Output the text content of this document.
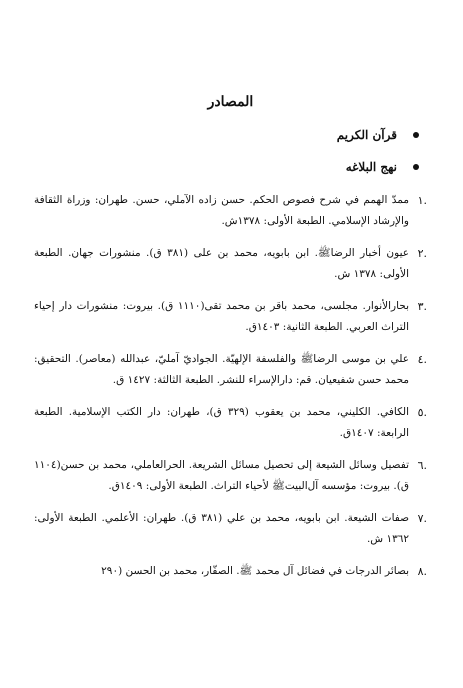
المصادر
قرآن الکريم
نهج البلاغه
.١
ممدّ الهمم في شرح فصوص الحكم. حسن زاده الآملي، حسن. طهران: وزراة الثقافة والإرشاد الإسلامي. الطبعة الأولى: ١٣٧٨ش.
.٢
عيون أخبار الرضاﷺ. ابن بابويه، محمد بن علی (٣٨١ ق). منشورات جهان. الطبعة الأولى: ١٣٧٨ ش.
.٣
بحارالأنوار. مجلسی، محمد باقر بن محمد تقی(١١١٠ ق). بيروت: منشورات دار إحياء التراث العربي. الطبعة الثانية: ١٤٠٣ق.
.٤
علي بن موسى الرضاﷺ والفلسفة الإلهيّة. الجواديّ آمليّ، عبدالله (معاصر). التحقيق: محمد حسن شفيعيان. قم: دارالإسراء للنشر. الطبعة الثالثة: ١٤٢٧ ق.
.٥
الكافي. الكليني، محمد بن يعقوب (٣٢٩ ق)، طهران: دار الكتب الإسلامية. الطبعة الرابعة: ١٤٠٧ق.
.٦
تفصيل وسائل الشيعة إلى تحصيل مسائل الشريعة. الحرالعاملي، محمد بن حسن(١١٠٤ ق). بيروت: مؤسسه آل‌البيتﷺ لأحياء التراث. الطبعة الأولى: ١٤٠٩ق.
.٧
صفات الشيعة. ابن بابويه، محمد بن علي (٣٨١ ق). طهران: الأعلمي. الطبعة الأولى: ١٣٦٢ ش.
.٨
بصائر الدرجات في فضائل آل محمد ﷺ. الصفّار، محمد بن الحسن (٢٩٠
